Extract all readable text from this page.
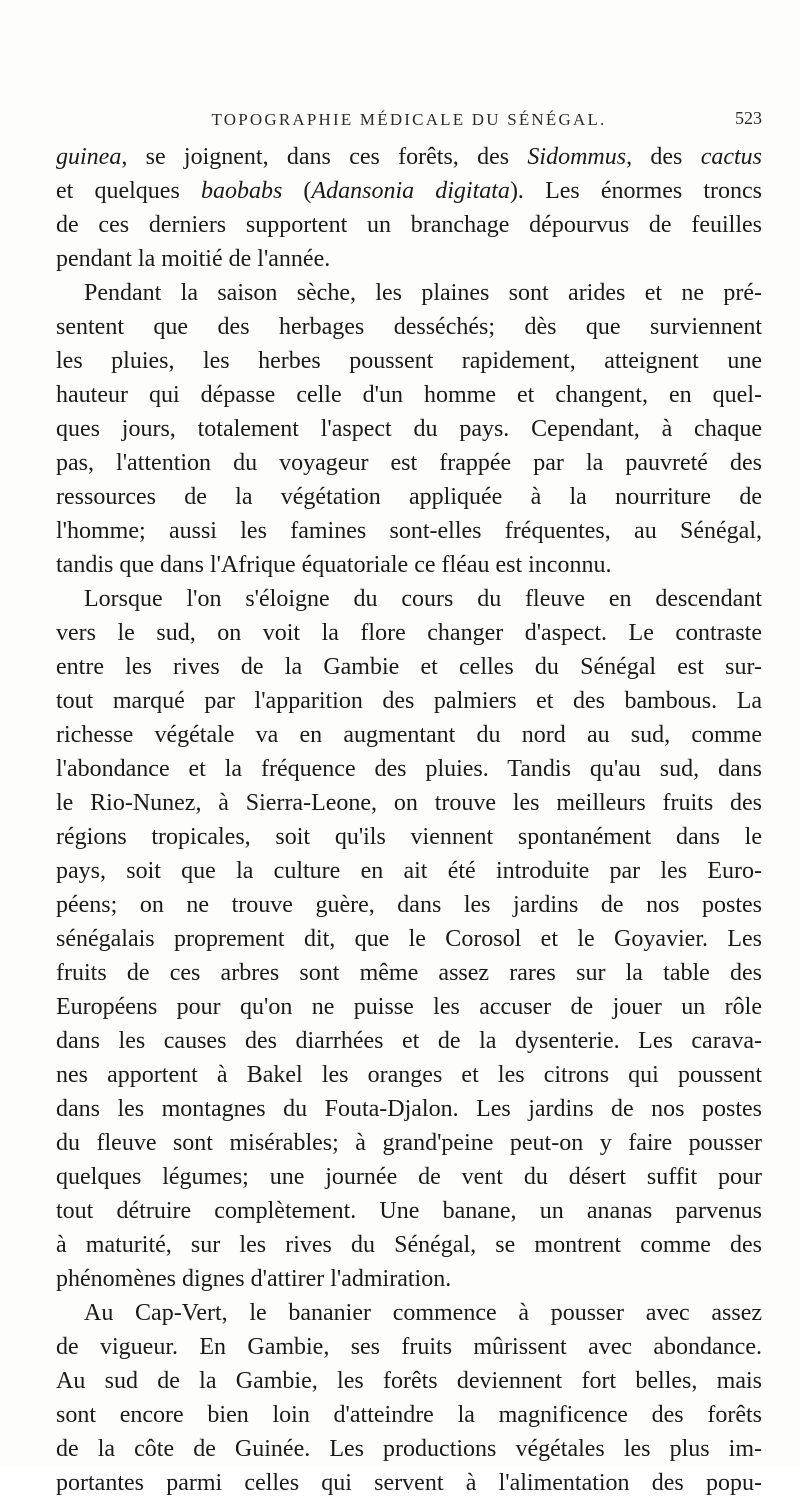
TOPOGRAPHIE MÉDICALE DU SÉNÉGAL.	523
guinea, se joignent, dans ces forêts, des Sidommus, des cactus
et quelques baobabs (Adansonia digitata). Les énormes troncs
de ces derniers supportent un branchage dépourvus de feuilles
pendant la moitié de l'année.
Pendant la saison sèche, les plaines sont arides et ne pré-
sentent que des herbages desséchés; dès que surviennent
les pluies, les herbes poussent rapidement, atteignent une
hauteur qui dépasse celle d'un homme et changent, en quel-
ques jours, totalement l'aspect du pays. Cependant, à chaque
pas, l'attention du voyageur est frappée par la pauvreté des
ressources de la végétation appliquée à la nourriture de
l'homme; aussi les famines sont-elles fréquentes, au Sénégal,
tandis que dans l'Afrique équatoriale ce fléau est inconnu.
Lorsque l'on s'éloigne du cours du fleuve en descendant
vers le sud, on voit la flore changer d'aspect. Le contraste
entre les rives de la Gambie et celles du Sénégal est sur-
tout marqué par l'apparition des palmiers et des bambous. La
richesse végétale va en augmentant du nord au sud, comme
l'abondance et la fréquence des pluies. Tandis qu'au sud, dans
le Rio-Nunez, à Sierra-Leone, on trouve les meilleurs fruits des
régions tropicales, soit qu'ils viennent spontanément dans le
pays, soit que la culture en ait été introduite par les Euro-
péens; on ne trouve guère, dans les jardins de nos postes
sénégalais proprement dit, que le Corosol et le Goyavier. Les
fruits de ces arbres sont même assez rares sur la table des
Européens pour qu'on ne puisse les accuser de jouer un rôle
dans les causes des diarrhées et de la dysenterie. Les carava-
nes apportent à Bakel les oranges et les citrons qui poussent
dans les montagnes du Fouta-Djalon. Les jardins de nos postes
du fleuve sont misérables; à grand'peine peut-on y faire pousser
quelques légumes; une journée de vent du désert suffit pour
tout détruire complètement. Une banane, un ananas parvenus
à maturité, sur les rives du Sénégal, se montrent comme des
phénomènes dignes d'attirer l'admiration.
Au Cap-Vert, le bananier commence à pousser avec assez
de vigueur. En Gambie, ses fruits mûrissent avec abondance.
Au sud de la Gambie, les forêts deviennent fort belles, mais
sont encore bien loin d'atteindre la magnificence des forêts
de la côte de Guinée. Les productions végétales les plus im-
portantes parmi celles qui servent à l'alimentation des popu-
